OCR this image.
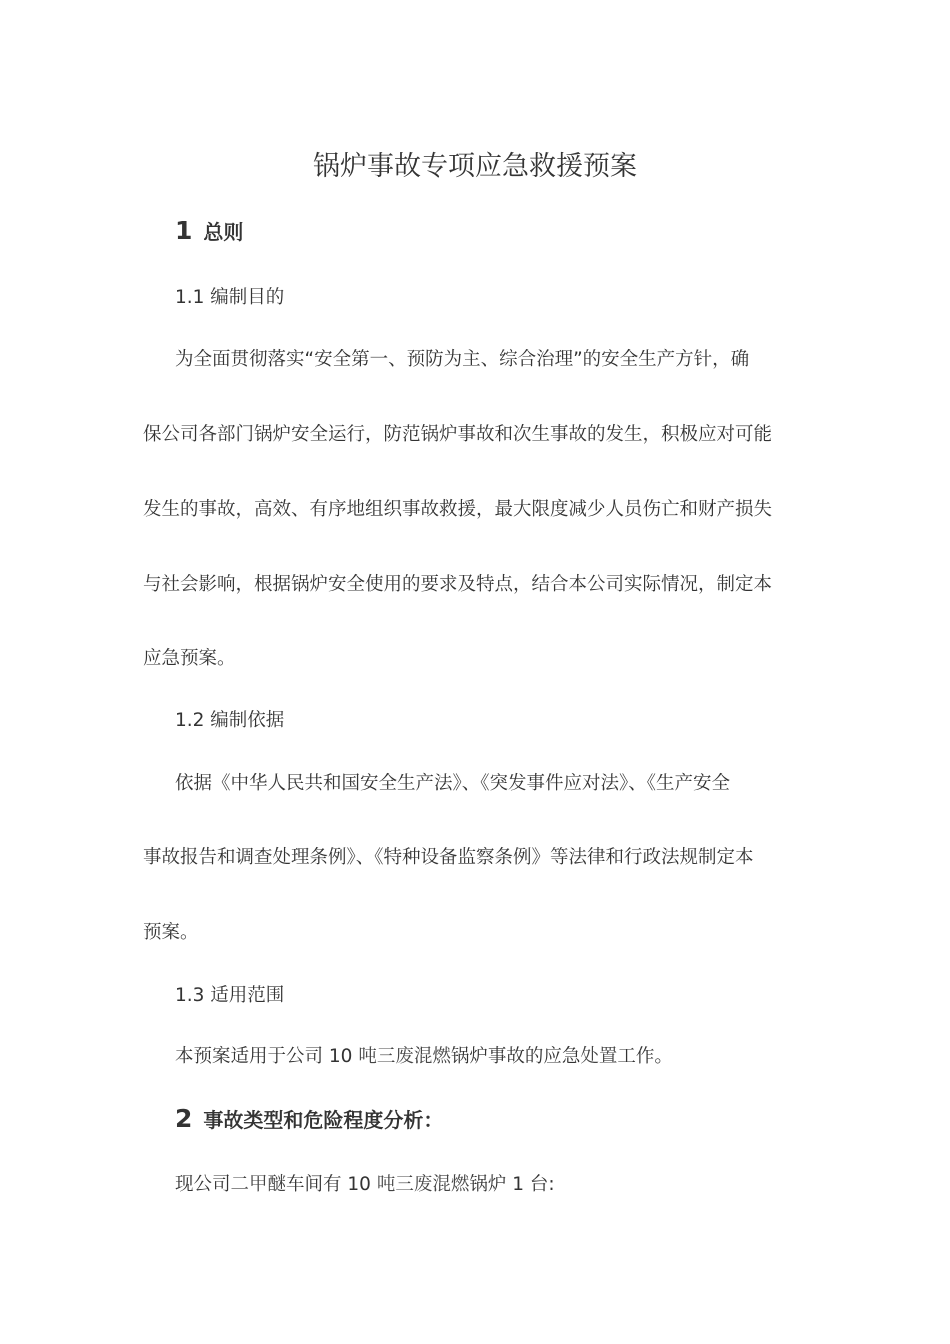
锅炉事故专项应急救援预案
1 总则
1.1 编制目的
为全面贯彻落实“安全第一、预防为主、综合治理”的安全生产方针，确
保公司各部门锅炉安全运行，防范锅炉事故和次生事故的发生，积极应对可能
发生的事故，高效、有序地组织事故救援，最大限度减少人员伤亡和财产损失
与社会影响，根据锅炉安全使用的要求及特点，结合本公司实际情况，制定本
应急预案。
1.2 编制依据
依据《中华人民共和国安全生产法》、《突发事件应对法》、《生产安全
事故报告和调查处理条例》、《特种设备监察条例》等法律和行政法规制定本
预案。
1.3 适用范围
本预案适用于公司 10 吨三废混燃锅炉事故的应急处置工作。
2 事故类型和危险程度分析：
现公司二甲醚车间有 10 吨三废混燃锅炉 1 台:
